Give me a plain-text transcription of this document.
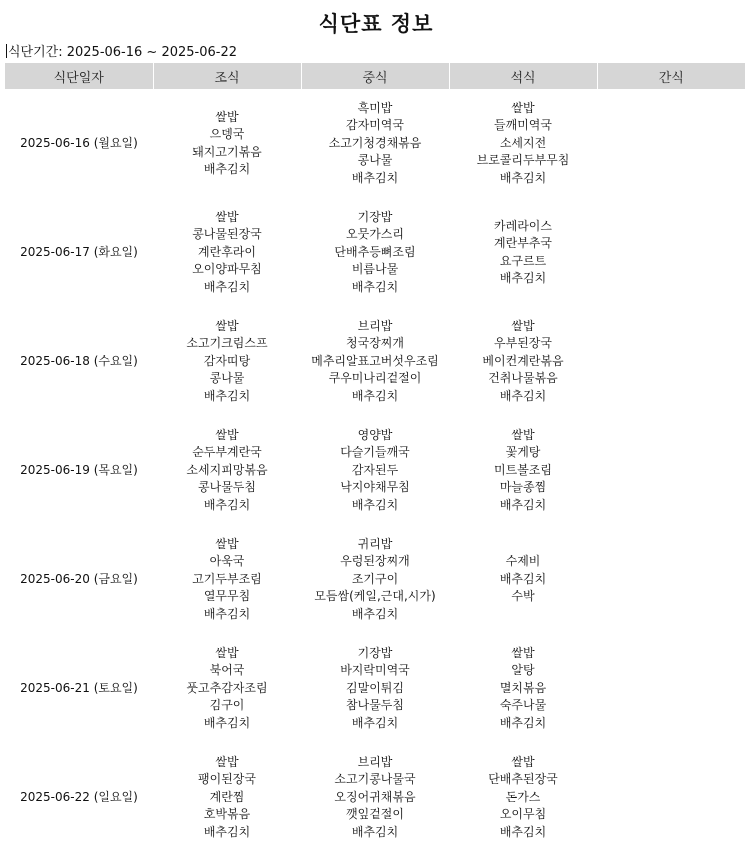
식단표 정보
식단기간: 2025-06-16 ~ 2025-06-22
식단일자	조식	중식	석식	간식
2025-06-16 (월요일)	쌀밥
으뎅국
돼지고기볶음
배추김치	흑미밥
감자미역국
소고기청경채볶음
콩나물
배추김치	쌀밥
들깨미역국
소세지전
브로콜리두부무침
배추김치	

2025-06-17 (화요일)	쌀밥
콩나물된장국
계란후라이
오이양파무침
배추김치	기장밥
오뭇가스리
단배추등뼈조림
비름나물
배추김치	카레라이스
계란부추국
요구르트
배추김치	

2025-06-18 (수요일)	쌀밥
소고기크림스프
감자띠탕
콩나물
배추김치	브리밥
청국장찌개
메추리알표고버섯우조림
쿠우미나리겉절이
배추김치	쌀밥
우부된장국
베이컨계란볶음
건취나물볶음
배추김치	

2025-06-19 (목요일)	쌀밥
순두부계란국
소세지피망볶음
콩나물두침
배추김치	영양밥
다슬기들깨국
감자된두
낙지야채무침
배추김치	쌀밥
꽃게탕
미트볼조림
마늘종찜
배추김치	

2025-06-20 (금요일)	쌀밥
아욱국
고기두부조림
열무무침
배추김치	귀리밥
우렁된장찌개
조기구이
모듬쌈(케일,근대,시가)
배추김치	수제비
배추김치
수박	

2025-06-21 (토요일)	쌀밥
북어국
풋고추감자조림
김구이
배추김치	기장밥
바지락미역국
김말이튀김
참나물두침
배추김치	쌀밥
알탕
멸치볶음
숙주나물
배추김치	

2025-06-22 (일요일)	쌀밥
팽이된장국
계란찜
호박볶음
배추김치	브리밥
소고기콩나물국
오징어귀채볶음
깻잎겉절이
배추김치	쌀밥
단배추된장국
돈가스
오이무침
배추김치	
